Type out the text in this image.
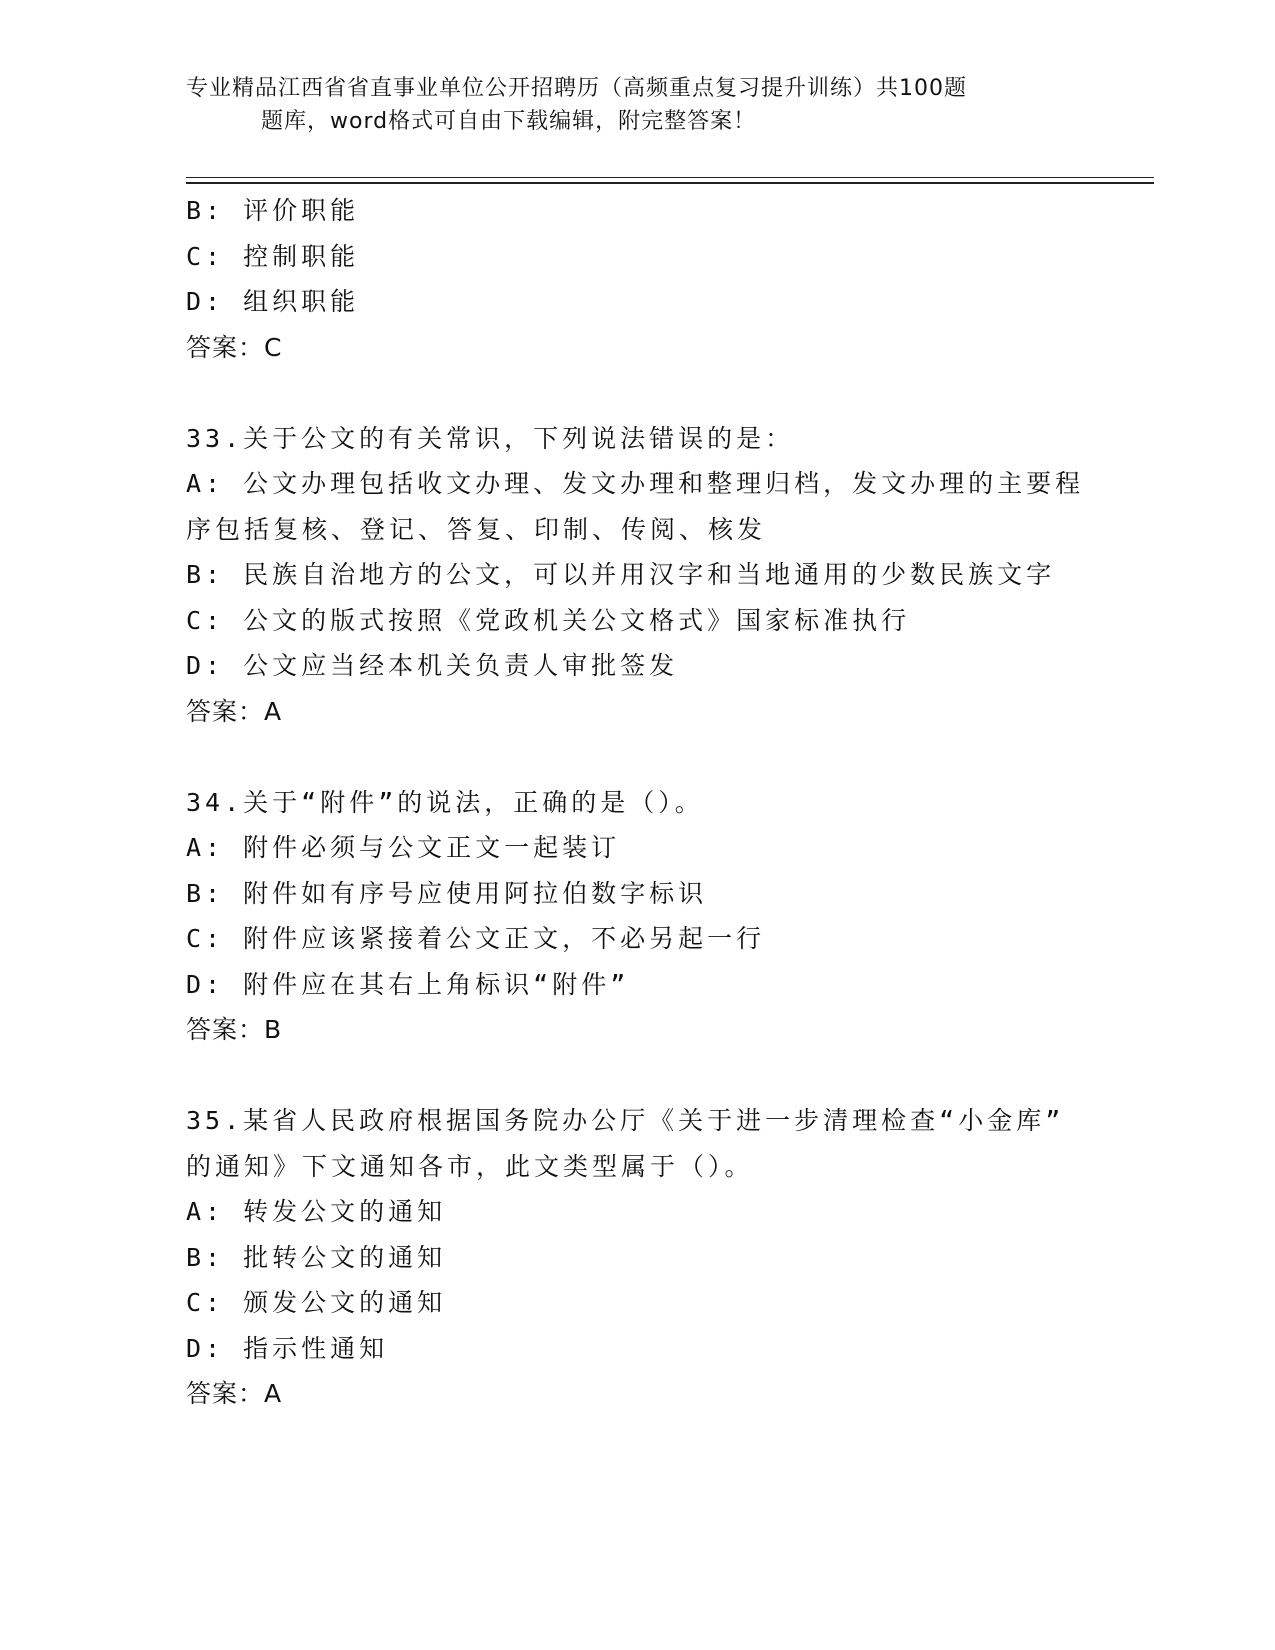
专业精品江西省省直事业单位公开招聘历（高频重点复习提升训练）共100题

题库，word格式可自由下载编辑，附完整答案！
B: 评价职能
C: 控制职能
D: 组织职能
答案：C
33.关于公文的有关常识，下列说法错误的是：
A: 公文办理包括收文办理、发文办理和整理归档，发文办理的主要程
序包括复核、登记、答复、印制、传阅、核发
B: 民族自治地方的公文，可以并用汉字和当地通用的少数民族文字
C: 公文的版式按照《党政机关公文格式》国家标准执行
D: 公文应当经本机关负责人审批签发
答案：A
34.关于“附件”的说法，正确的是（）。
A: 附件必须与公文正文一起装订
B: 附件如有序号应使用阿拉伯数字标识
C: 附件应该紧接着公文正文，不必另起一行
D: 附件应在其右上角标识“附件”
答案：B
35.某省人民政府根据国务院办公厅《关于进一步清理检查“小金库”
的通知》下文通知各市，此文类型属于（）。
A: 转发公文的通知
B: 批转公文的通知
C: 颁发公文的通知
D: 指示性通知
答案：A
